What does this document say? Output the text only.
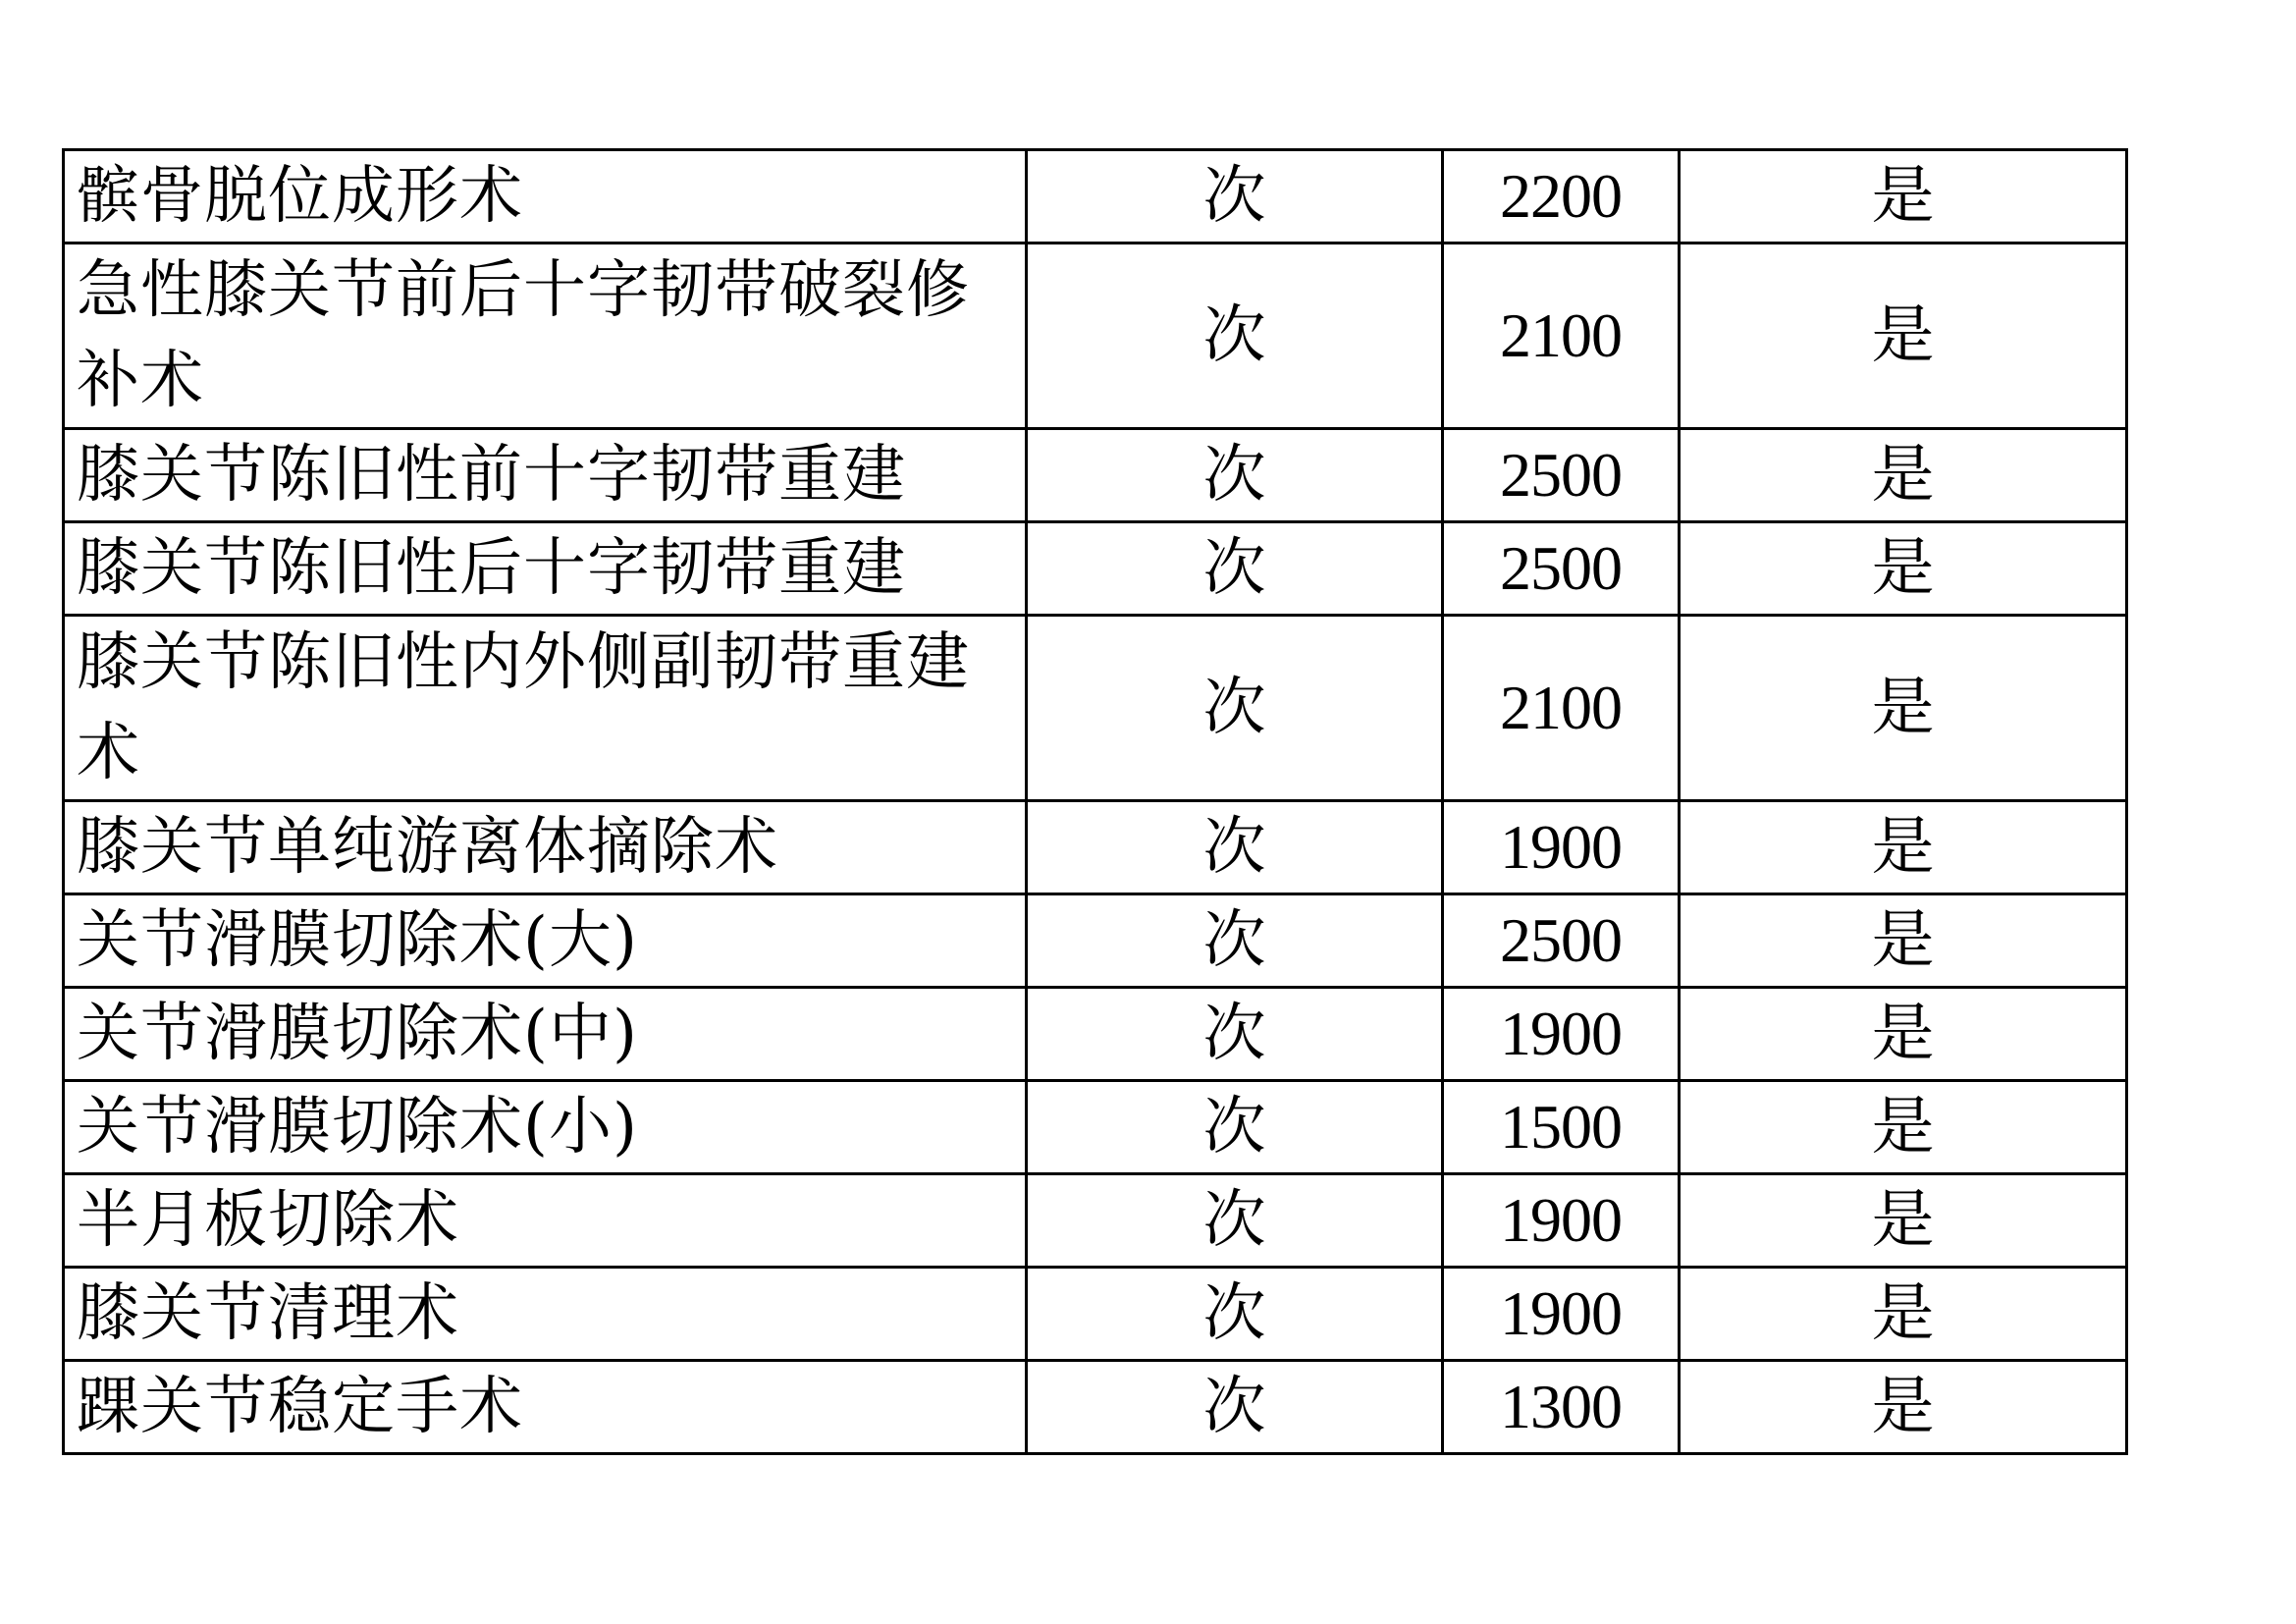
髌骨脱位成形术	次	2200	是
急性膝关节前后十字韧带破裂修补术	次	2100	是
膝关节陈旧性前十字韧带重建	次	2500	是
膝关节陈旧性后十字韧带重建	次	2500	是
膝关节陈旧性内外侧副韧带重建术	次	2100	是
膝关节单纯游离体摘除术	次	1900	是
关节滑膜切除术(大)	次	2500	是
关节滑膜切除术(中)	次	1900	是
关节滑膜切除术(小)	次	1500	是
半月板切除术	次	1900	是
膝关节清理术	次	1900	是
踝关节稳定手术	次	1300	是
